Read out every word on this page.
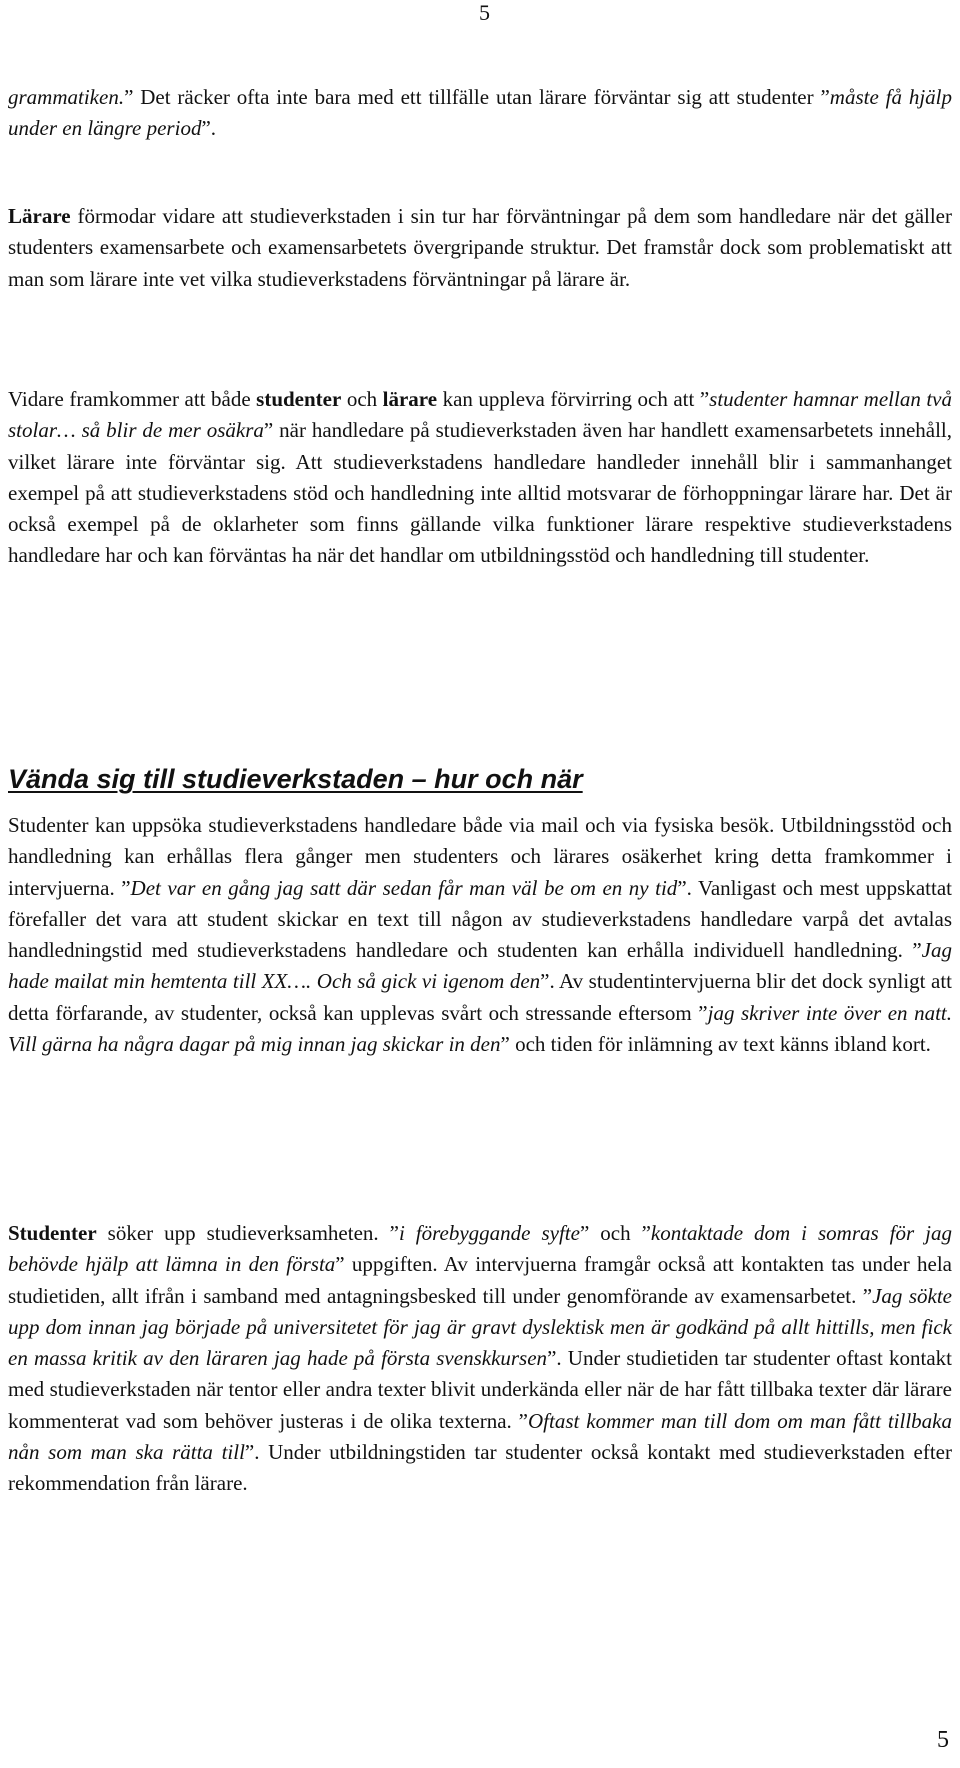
5

grammatiken.” Det räcker ofta inte bara med ett tillfälle utan lärare förväntar sig att studenter ”måste få hjälp under en längre period”.

Lärare förmodar vidare att studieverkstaden i sin tur har förväntningar på dem som handledare när det gäller studenters examensarbete och examensarbetets övergripande struktur. Det framstår dock som problematiskt att man som lärare inte vet vilka studieverkstadens förväntningar på lärare är.

Vidare framkommer att både studenter och lärare kan uppleva förvirring och att ”studenter hamnar mellan två stolar… så blir de mer osäkra” när handledare på studieverkstaden även har handlett examensarbetets innehåll, vilket lärare inte förväntar sig. Att studieverkstadens handledare handleder innehåll blir i sammanhanget exempel på att studieverkstadens stöd och handledning inte alltid motsvarar de förhoppningar lärare har. Det är också exempel på de oklarheter som finns gällande vilka funktioner lärare respektive studieverkstadens handledare har och kan förväntas ha när det handlar om utbildningsstöd och handledning till studenter.

Vända sig till studieverkstaden – hur och när

Studenter kan uppsöka studieverkstadens handledare både via mail och via fysiska besök. Utbildningsstöd och handledning kan erhållas flera gånger men studenters och lärares osäkerhet kring detta framkommer i intervjuerna. ”Det var en gång jag satt där sedan får man väl be om en ny tid”. Vanligast och mest uppskattat förefaller det vara att student skickar en text till någon av studieverkstadens handledare varpå det avtalas handledningstid med studieverkstadens handledare och studenten kan erhålla individuell handledning. ”Jag hade mailat min hemtenta till XX…. Och så gick vi igenom den”. Av studentintervjuerna blir det dock synligt att detta förfarande, av studenter, också kan upplevas svårt och stressande eftersom ”jag skriver inte över en natt. Vill gärna ha några dagar på mig innan jag skickar in den” och tiden för inlämning av text känns ibland kort.

Studenter söker upp studieverksamheten. ”i förebyggande syfte” och ”kontaktade dom i somras för jag behövde hjälp att lämna in den första” uppgiften. Av intervjuerna framgår också att kontakten tas under hela studietiden, allt ifrån i samband med antagningsbesked till under genomförande av examensarbetet. ”Jag sökte upp dom innan jag började på universitetet för jag är gravt dyslektisk men är godkänd på allt hittills, men fick en massa kritik av den läraren jag hade på första svenskkursen”. Under studietiden tar studenter oftast kontakt med studieverkstaden när tentor eller andra texter blivit underkända eller när de har fått tillbaka texter där lärare kommenterat vad som behöver justeras i de olika texterna. ”Oftast kommer man till dom om man fått tillbaka nån som man ska rätta till”. Under utbildningstiden tar studenter också kontakt med studieverkstaden efter rekommendation från lärare.

5
